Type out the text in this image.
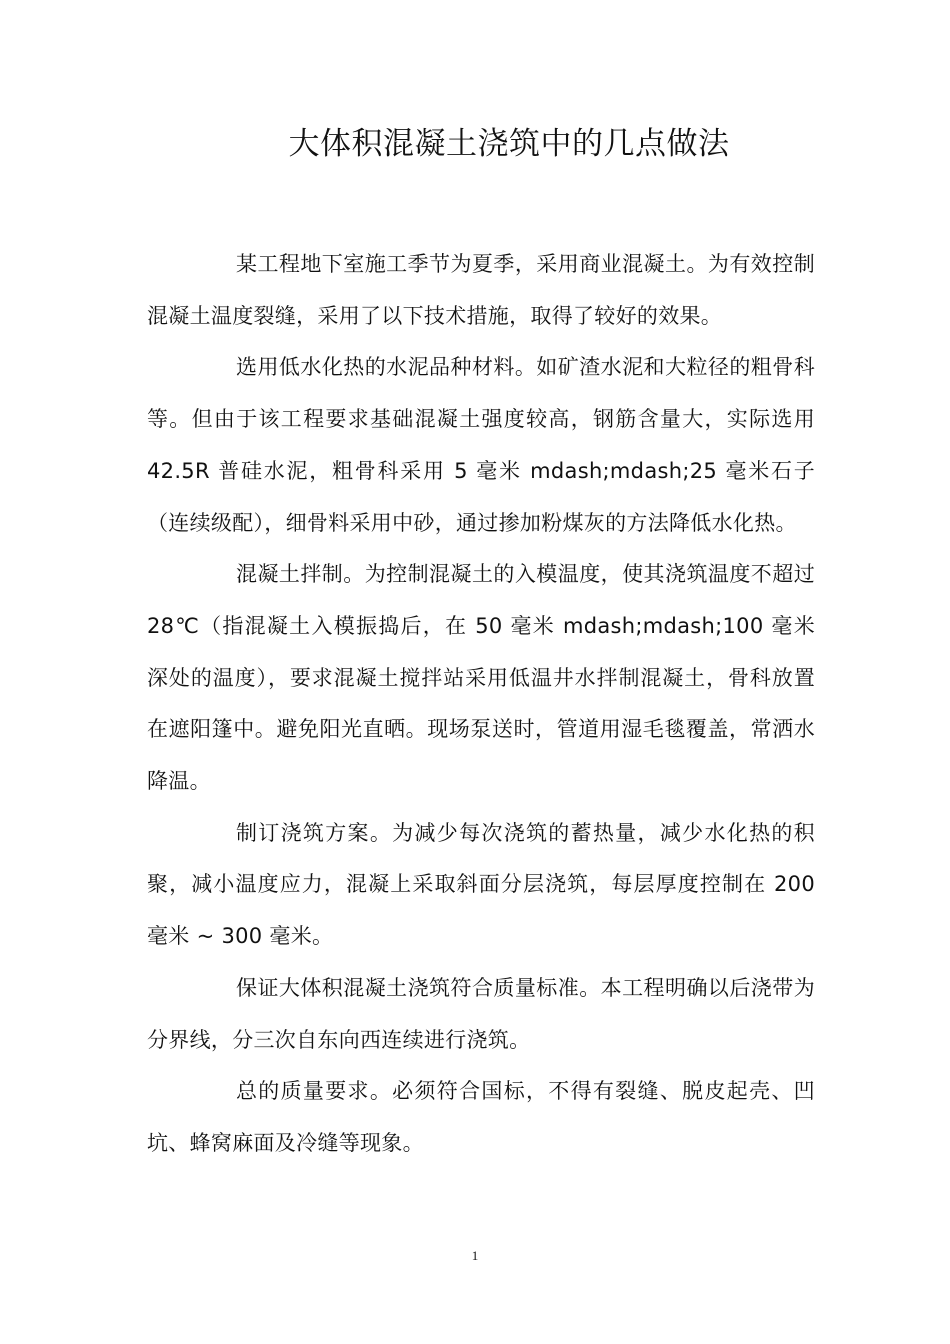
大体积混凝土浇筑中的几点做法

某工程地下室施工季节为夏季，采用商业混凝土。为有效控制混凝土温度裂缝，采用了以下技术措施，取得了较好的效果。

选用低水化热的水泥品种材料。如矿渣水泥和大粒径的粗骨科等。但由于该工程要求基础混凝土强度较高，钢筋含量大，实际选用 42.5R 普硅水泥，粗骨科采用 5 毫米 mdash;mdash;25 毫米石子（连续级配），细骨料采用中砂，通过掺加粉煤灰的方法降低水化热。

混凝土拌制。为控制混凝土的入模温度，使其浇筑温度不超过 28℃（指混凝土入模振捣后，在 50 毫米 mdash;mdash;100 毫米深处的温度），要求混凝土搅拌站采用低温井水拌制混凝土，骨科放置在遮阳篷中。避免阳光直晒。现场泵送时，管道用湿毛毯覆盖，常洒水降温。

制订浇筑方案。为减少每次浇筑的蓄热量，减少水化热的积聚，减小温度应力，混凝上采取斜面分层浇筑，每层厚度控制在 200 毫米 ~ 300 毫米。

保证大体积混凝土浇筑符合质量标准。本工程明确以后浇带为分界线，分三次自东向西连续进行浇筑。

总的质量要求。必须符合国标，不得有裂缝、脱皮起壳、凹坑、蜂窝麻面及冷缝等现象。

1
